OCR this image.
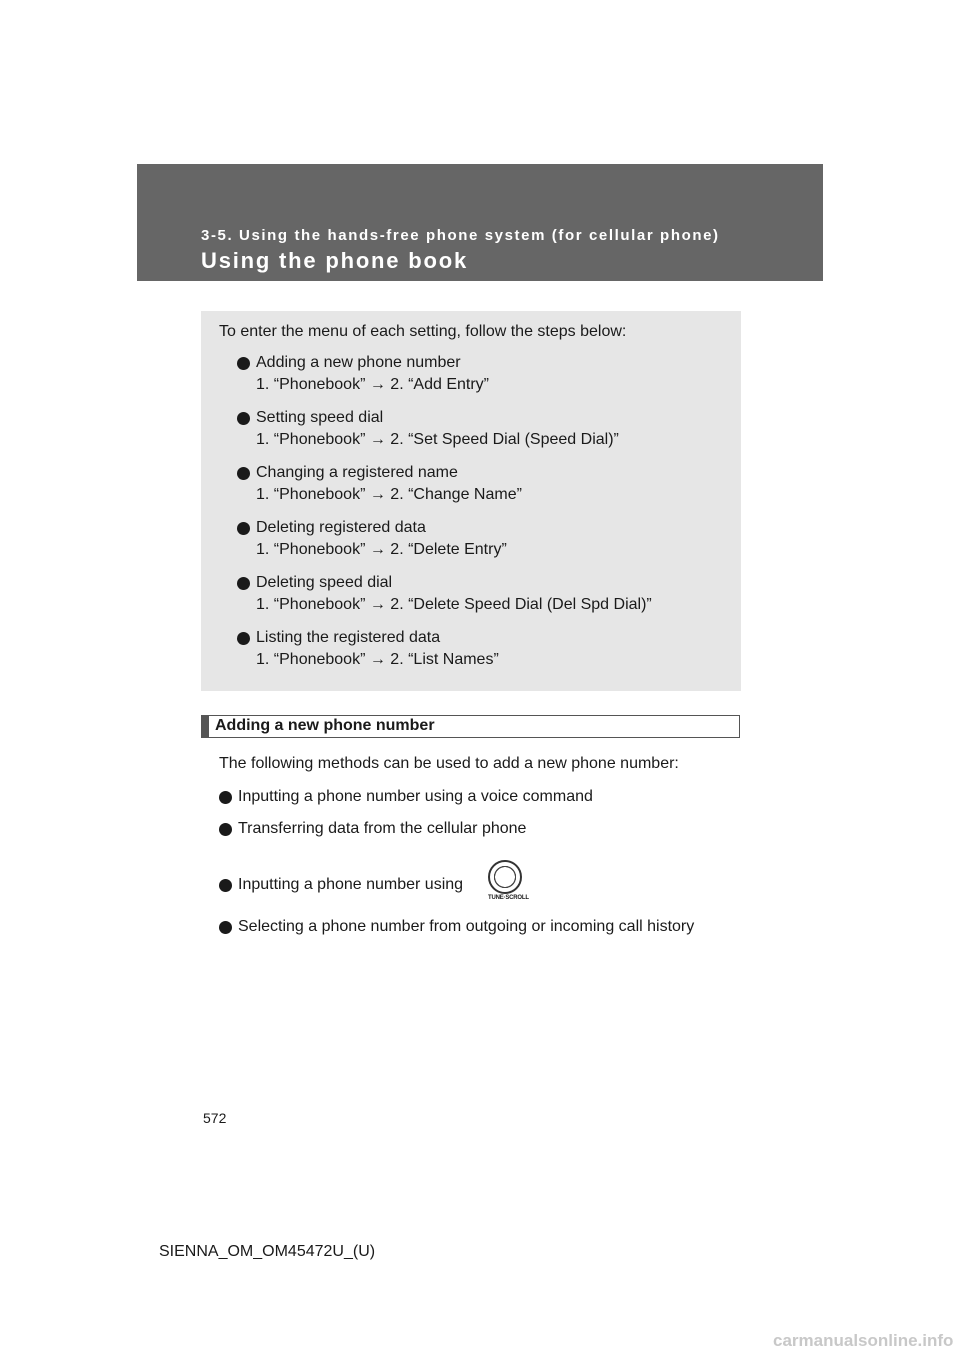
3-5. Using the hands-free phone system (for cellular phone)
Using the phone book
To enter the menu of each setting, follow the steps below:
Adding a new phone number
1. “Phonebook” → 2. “Add Entry”
Setting speed dial
1. “Phonebook” → 2. “Set Speed Dial (Speed Dial)”
Changing a registered name
1. “Phonebook” → 2. “Change Name”
Deleting registered data
1. “Phonebook” → 2. “Delete Entry”
Deleting speed dial
1. “Phonebook” → 2. “Delete Speed Dial (Del Spd Dial)”
Listing the registered data
1. “Phonebook” → 2. “List Names”
Adding a new phone number
The following methods can be used to add a new phone number:
Inputting a phone number using a voice command
Transferring data from the cellular phone
Inputting a phone number using
TUNE·SCROLL
Selecting a phone number from outgoing or incoming call history
572
SIENNA_OM_OM45472U_(U)
carmanualsonline.info
